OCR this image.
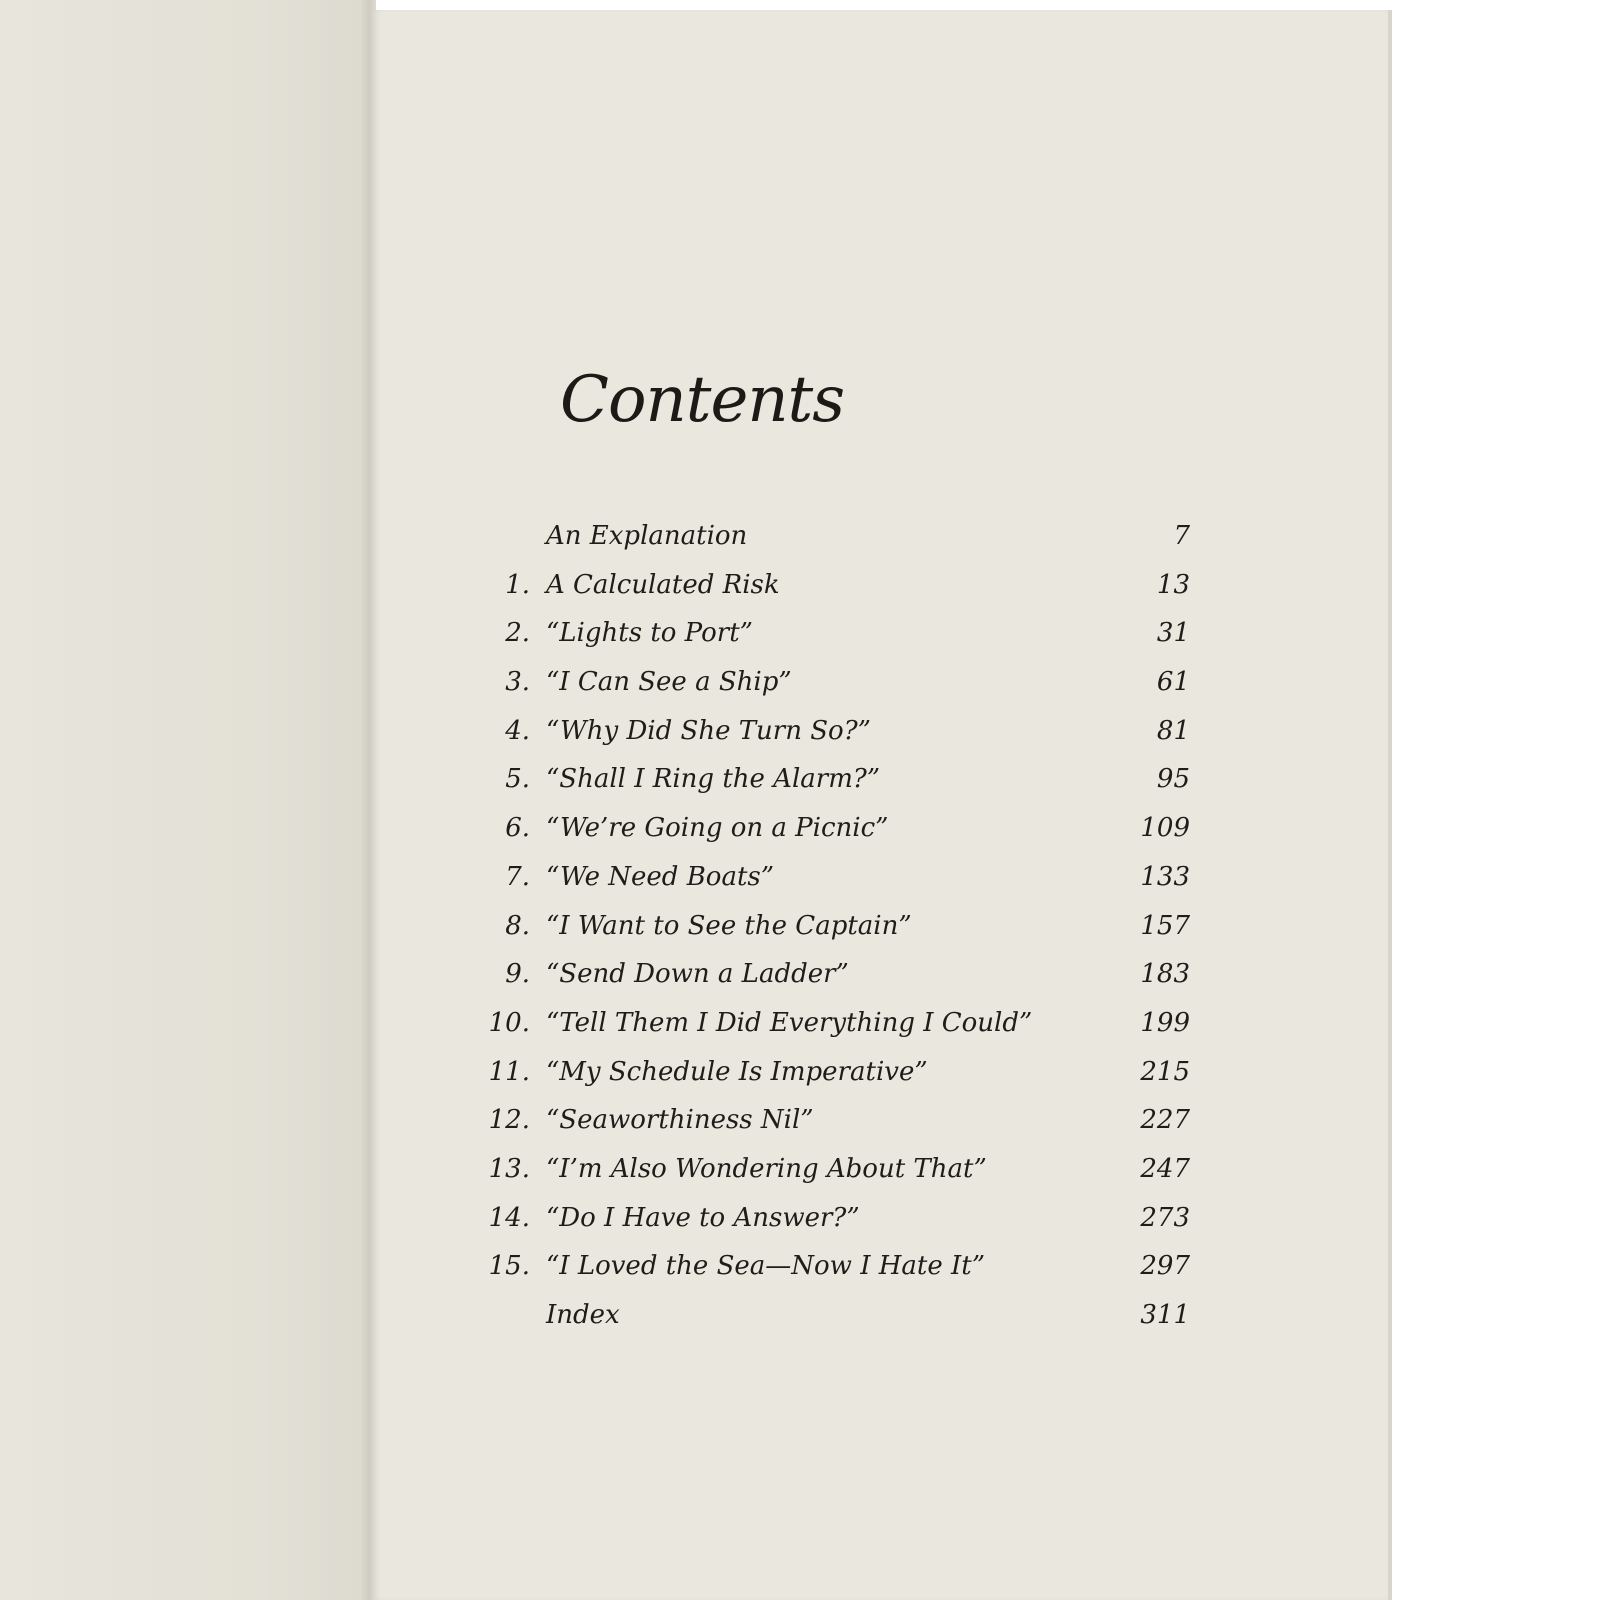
Contents
An Explanation	7
1. A Calculated Risk	13
2. “Lights to Port”	31
3. “I Can See a Ship”	61
4. “Why Did She Turn So?”	81
5. “Shall I Ring the Alarm?”	95
6. “We’re Going on a Picnic”	109
7. “We Need Boats”	133
8. “I Want to See the Captain”	157
9. “Send Down a Ladder”	183
10. “Tell Them I Did Everything I Could”	199
11. “My Schedule Is Imperative”	215
12. “Seaworthiness Nil”	227
13. “I’m Also Wondering About That”	247
14. “Do I Have to Answer?”	273
15. “I Loved the Sea—Now I Hate It”	297
Index	311
